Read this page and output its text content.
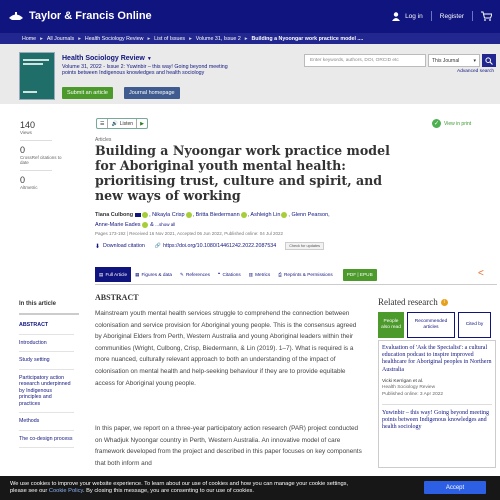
Taylor & Francis Online	Log in	Register
Home ▸ All Journals ▸ Health Sociology Review ▸ List of Issues ▸ Volume 31, Issue 2 ▸ Building a Nyoongar work practice model ....
Health Sociology Review ▼
Volume 31, 2022 - Issue 2: Yuwinbir – this way! Going beyond meeting
points between Indigenous knowledges and health sociology
Submit an article	Journal homepage
Enter keywords, authors, DOI, ORCID etc	This Journal	▾
Advanced search
140
Views
0
CrossRef citations to date
0
Altmetric
☰	🔊 Listen	▶	✓ View in print
Articles
Building a Nyoongar work practice model for Aboriginal youth mental health: prioritising trust, culture and spirit, and new ways of working
Tiana Culbong	, Nikayla Crisp , Britta Biedermann , Ashleigh Lin , Glenn Pearson,
Anne-Marie Eades & ...show all
Pages 173-192 | Received 16 Nov 2021, Accepted 06 Jun 2022, Published online: 04 Jul 2022
⬇ Download citation 🔗 https://doi.org/10.1080/14461242.2022.2087534	Check for updates
▤ Full Article ▦ Figures & data ✎ References ❝ Citations ▥ Metrics ⎙ Reprints & Permissions	PDF | EPUB	<
In this article
ABSTRACT
Introduction
Study setting
Participatory action research underpinned by Indigenous principles and practices
Methods
The co-design process
ABSTRACT
Mainstream youth mental health services struggle to comprehend the connection between colonisation and service provision for Aboriginal young people. This is the consensus agreed by Aboriginal Elders from Perth, Western Australia and young Aboriginal leaders within their communities (Wright, Culbong, Crisp, Biedermann, & Lin (2019). 1–7). What is required is a more nuanced, culturally relevant approach to both an understanding of the impact of colonisation on mental health and help-seeking behaviour if they are to provide equitable access for Aboriginal young people.
In this paper, we report on a three-year participatory action research (PAR) project conducted on Whadjuk Nyoongar country in Perth, Western Australia. An innovative model of care framework developed from the project and described in this paper focuses on key components that both inform and
Related research	i
People also read
Recommended articles
Cited by
Evaluation of 'Ask the Specialist': a cultural education podcast to inspire improved healthcare for Aboriginal peoples in Northern Australia
Vicki Kerrigan et al.
Health Sociology Review
Published online: 3 Apr 2022
Yuwinbir – this way! Going beyond meeting points between Indigenous knowledges and health sociology
We use cookies to improve your website experience. To learn about our use of cookies and how you can manage your cookie settings,
please see our Cookie Policy. By closing this message, you are consenting to our use of cookies.
Accept
